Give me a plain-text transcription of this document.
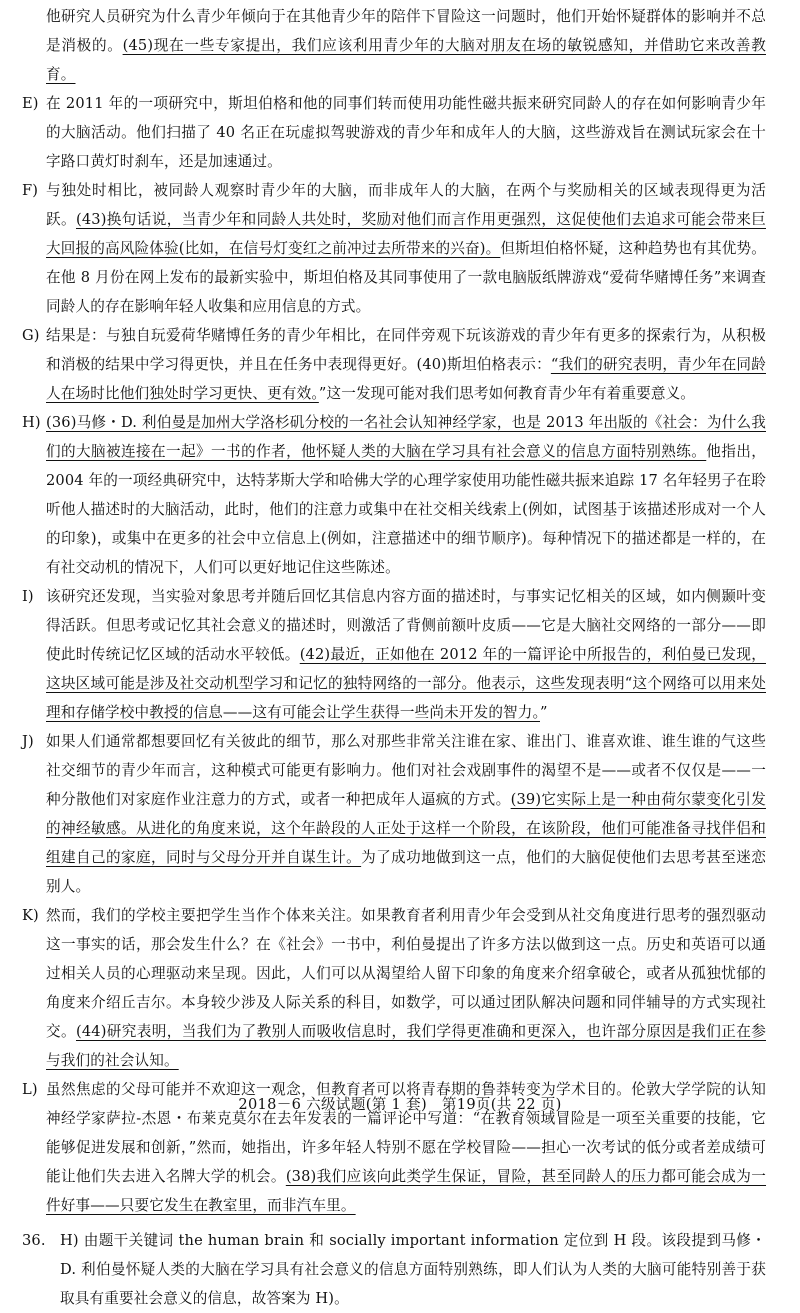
他研究人员研究为什么青少年倾向于在其他青少年的陪伴下冒险这一问题时，他们开始怀疑群体的影响并不总是消极的。(45)现在一些专家提出，我们应该利用青少年的大脑对朋友在场的敏锐感知，并借助它来改善教育。

E) 在 2011 年的一项研究中，斯坦伯格和他的同事们转而使用功能性磁共振来研究同龄人的存在如何影响青少年的大脑活动。他们扫描了 40 名正在玩虚拟驾驶游戏的青少年和成年人的大脑，这些游戏旨在测试玩家会在十字路口黄灯时刹车，还是加速通过。

F) 与独处时相比，被同龄人观察时青少年的大脑，而非成年人的大脑，在两个与奖励相关的区域表现得更为活跃。(43)换句话说，当青少年和同龄人共处时，奖励对他们而言作用更强烈，这促使他们去追求可能会带来巨大回报的高风险体验(比如，在信号灯变红之前冲过去所带来的兴奋)。但斯坦伯格怀疑，这种趋势也有其优势。在他 8 月份在网上发布的最新实验中，斯坦伯格及其同事使用了一款电脑版纸牌游戏“爱荷华赌博任务”来调查同龄人的存在影响年轻人收集和应用信息的方式。

G) 结果是：与独自玩爱荷华赌博任务的青少年相比，在同伴旁观下玩该游戏的青少年有更多的探索行为，从积极和消极的结果中学习得更快，并且在任务中表现得更好。(40)斯坦伯格表示：“我们的研究表明，青少年在同龄人在场时比他们独处时学习更快、更有效。”这一发现可能对我们思考如何教育青少年有着重要意义。

H) (36)马修・D. 利伯曼是加州大学洛杉矶分校的一名社会认知神经学家，也是 2013 年出版的《社会：为什么我们的大脑被连接在一起》一书的作者，他怀疑人类的大脑在学习具有社会意义的信息方面特别熟练。他指出，2004 年的一项经典研究中，达特茅斯大学和哈佛大学的心理学家使用功能性磁共振来追踪 17 名年轻男子在聆听他人描述时的大脑活动，此时，他们的注意力或集中在社交相关线索上(例如，试图基于该描述形成对一个人的印象)，或集中在更多的社会中立信息上(例如，注意描述中的细节顺序)。每种情况下的描述都是一样的，在有社交动机的情况下，人们可以更好地记住这些陈述。

I) 该研究还发现，当实验对象思考并随后回忆其信息内容方面的描述时，与事实记忆相关的区域，如内侧颞叶变得活跃。但思考或记忆其社会意义的描述时，则激活了背侧前额叶皮质——它是大脑社交网络的一部分——即使此时传统记忆区域的活动水平较低。(42)最近，正如他在 2012 年的一篇评论中所报告的，利伯曼已发现，这块区域可能是涉及社交动机型学习和记忆的独特网络的一部分。他表示，这些发现表明“这个网络可以用来处理和存储学校中教授的信息——这有可能会让学生获得一些尚未开发的智力。”

J) 如果人们通常都想要回忆有关彼此的细节，那么对那些非常关注谁在家、谁出门、谁喜欢谁、谁生谁的气这些社交细节的青少年而言，这种模式可能更有影响力。他们对社会戏剧事件的渴望不是——或者不仅仅是——一种分散他们对家庭作业注意力的方式，或者一种把成年人逼疯的方式。(39)它实际上是一种由荷尔蒙变化引发的神经敏感。从进化的角度来说，这个年龄段的人正处于这样一个阶段，在该阶段，他们可能准备寻找伴侣和组建自己的家庭，同时与父母分开并自谋生计。为了成功地做到这一点，他们的大脑促使他们去思考甚至迷恋别人。

K) 然而，我们的学校主要把学生当作个体来关注。如果教育者利用青少年会受到从社交角度进行思考的强烈驱动这一事实的话，那会发生什么？在《社会》一书中，利伯曼提出了许多方法以做到这一点。历史和英语可以通过相关人员的心理驱动来呈现。因此，人们可以从渴望给人留下印象的角度来介绍拿破仑，或者从孤独忧郁的角度来介绍丘吉尔。本身较少涉及人际关系的科目，如数学，可以通过团队解决问题和同伴辅导的方式实现社交。(44)研究表明，当我们为了教别人而吸收信息时，我们学得更准确和更深入，也许部分原因是我们正在参与我们的社会认知。

L) 虽然焦虑的父母可能并不欢迎这一观念，但教育者可以将青春期的鲁莽转变为学术目的。伦敦大学学院的认知神经学家萨拉-杰恩・布莱克莫尔在去年发表的一篇评论中写道：“在教育领域冒险是一项至关重要的技能，它能够促进发展和创新，”然而，她指出，许多年轻人特别不愿在学校冒险——担心一次考试的低分或者差成绩可能让他们失去进入名牌大学的机会。(38)我们应该向此类学生保证，冒险，甚至同龄人的压力都可能会成为一件好事——只要它发生在教室里，而非汽车里。

36. H) 由题干关键词 the human brain 和 socially important information 定位到 H 段。该段提到马修・D. 利伯曼怀疑人类的大脑在学习具有社会意义的信息方面特别熟练，即人们认为人类的大脑可能特别善于获取具有重要社会意义的信息，故答案为 H)。

2018－6 六级试题(第 1 套)　第19页(共 22 页)
